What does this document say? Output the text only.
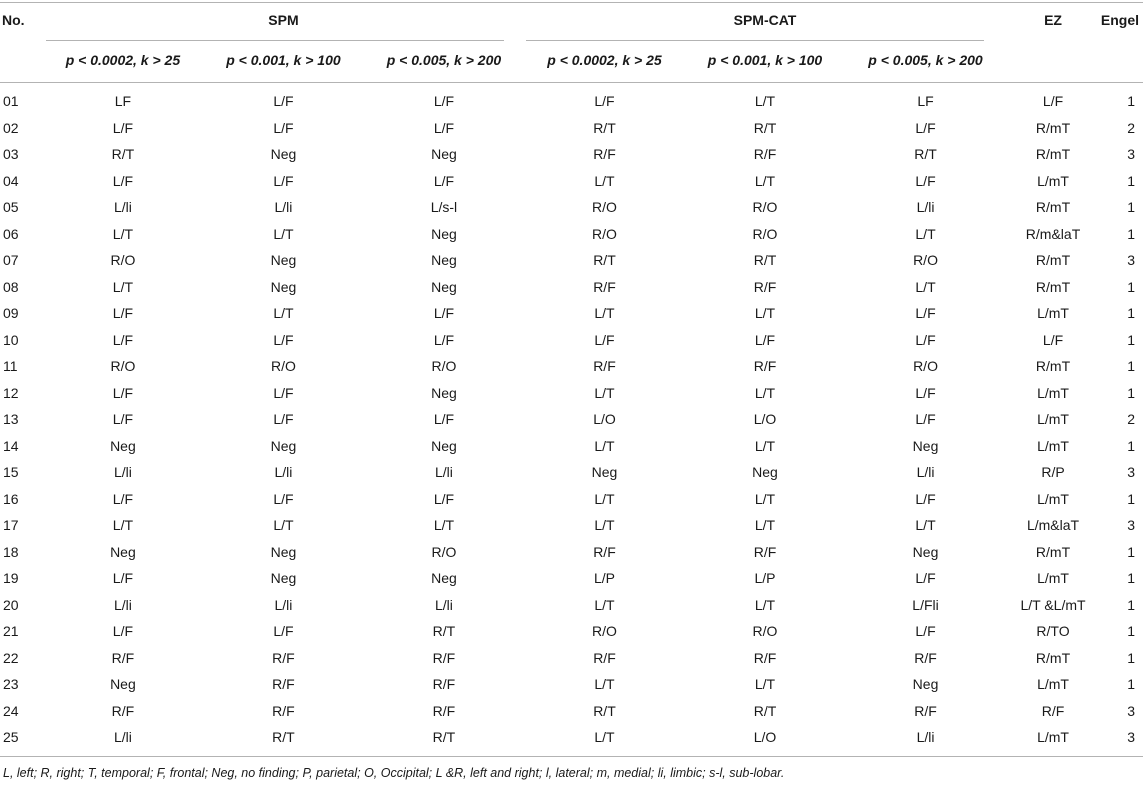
No.	SPM			SPM-CAT			EZ	Engel
	p < 0.0002, k > 25	p < 0.001, k > 100	p < 0.005, k > 200	p < 0.0002, k > 25	p < 0.001, k > 100	p < 0.005, k > 200		
01	LF	L/F	L/F	L/F	L/T	LF	L/F	1
02	L/F	L/F	L/F	R/T	R/T	L/F	R/mT	2
03	R/T	Neg	Neg	R/F	R/F	R/T	R/mT	3
04	L/F	L/F	L/F	L/T	L/T	L/F	L/mT	1
05	L/li	L/li	L/s-l	R/O	R/O	L/li	R/mT	1
06	L/T	L/T	Neg	R/O	R/O	L/T	R/m&laT	1
07	R/O	Neg	Neg	R/T	R/T	R/O	R/mT	3
08	L/T	Neg	Neg	R/F	R/F	L/T	R/mT	1
09	L/F	L/T	L/F	L/T	L/T	L/F	L/mT	1
10	L/F	L/F	L/F	L/F	L/F	L/F	L/F	1
11	R/O	R/O	R/O	R/F	R/F	R/O	R/mT	1
12	L/F	L/F	Neg	L/T	L/T	L/F	L/mT	1
13	L/F	L/F	L/F	L/O	L/O	L/F	L/mT	2
14	Neg	Neg	Neg	L/T	L/T	Neg	L/mT	1
15	L/li	L/li	L/li	Neg	Neg	L/li	R/P	3
16	L/F	L/F	L/F	L/T	L/T	L/F	L/mT	1
17	L/T	L/T	L/T	L/T	L/T	L/T	L/m&laT	3
18	Neg	Neg	R/O	R/F	R/F	Neg	R/mT	1
19	L/F	Neg	Neg	L/P	L/P	L/F	L/mT	1
20	L/li	L/li	L/li	L/T	L/T	L/Fli	L/T &L/mT	1
21	L/F	L/F	R/T	R/O	R/O	L/F	R/TO	1
22	R/F	R/F	R/F	R/F	R/F	R/F	R/mT	1
23	Neg	R/F	R/F	L/T	L/T	Neg	L/mT	1
24	R/F	R/F	R/F	R/T	R/T	R/F	R/F	3
25	L/li	R/T	R/T	L/T	L/O	L/li	L/mT	3
L, left; R, right; T, temporal; F, frontal; Neg, no finding; P, parietal; O, Occipital; L &R, left and right; l, lateral; m, medial; li, limbic; s-l, sub-lobar.
